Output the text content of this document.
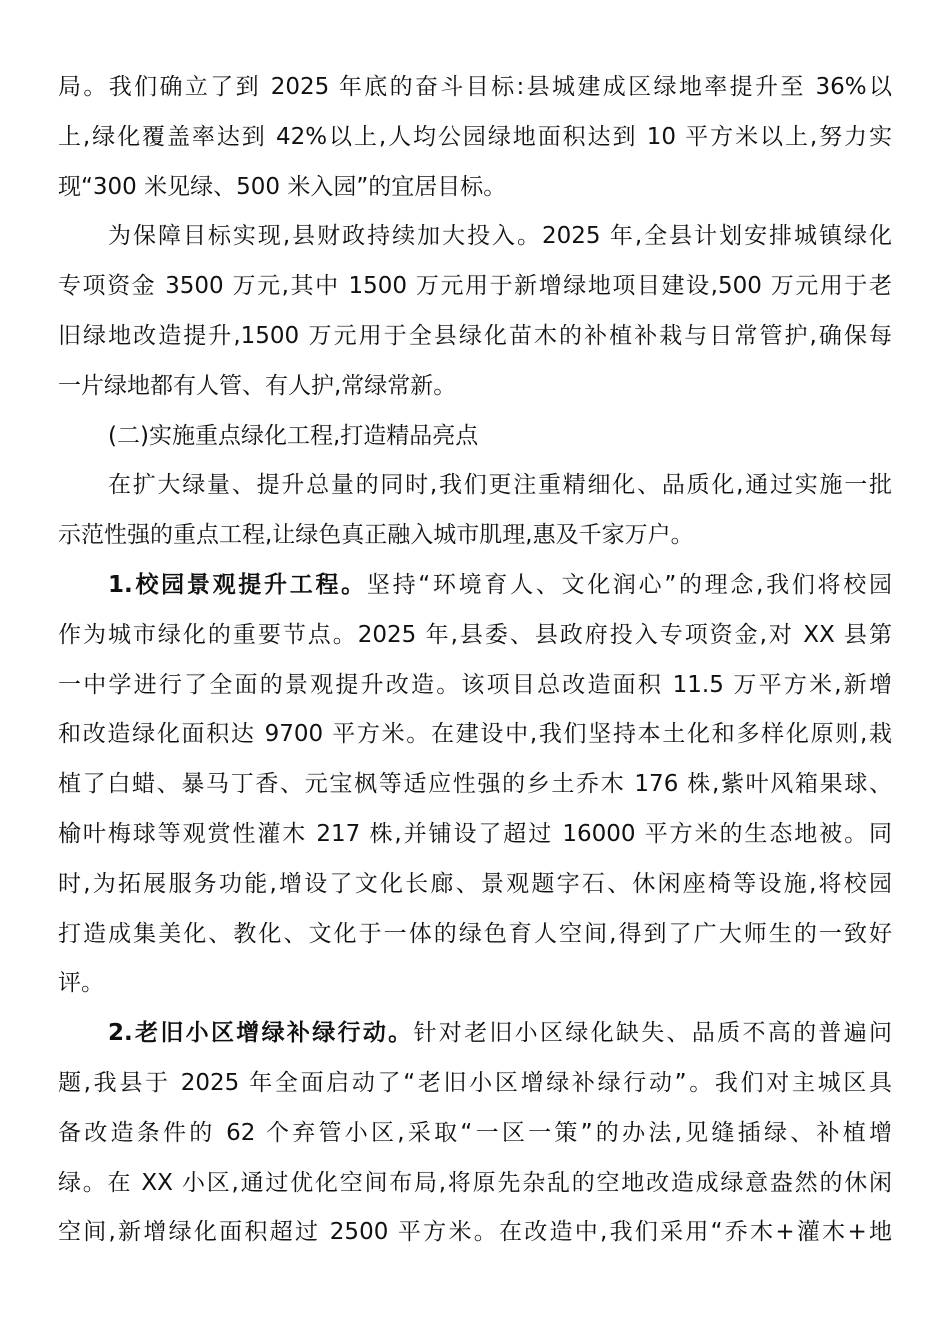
局。我们确立了到 2025 年底的奋斗目标:县城建成区绿地率提升至 36%以
上,绿化覆盖率达到 42%以上,人均公园绿地面积达到 10 平方米以上,努力实
现“300 米见绿、500 米入园”的宜居目标。
为保障目标实现,县财政持续加大投入。2025 年,全县计划安排城镇绿化
专项资金 3500 万元,其中 1500 万元用于新增绿地项目建设,500 万元用于老
旧绿地改造提升,1500 万元用于全县绿化苗木的补植补栽与日常管护,确保每
一片绿地都有人管、有人护,常绿常新。
(二)实施重点绿化工程,打造精品亮点
在扩大绿量、提升总量的同时,我们更注重精细化、品质化,通过实施一批
示范性强的重点工程,让绿色真正融入城市肌理,惠及千家万户。
1.校园景观提升工程。坚持“环境育人、文化润心”的理念,我们将校园
作为城市绿化的重要节点。2025 年,县委、县政府投入专项资金,对 XX 县第
一中学进行了全面的景观提升改造。该项目总改造面积 11.5 万平方米,新增
和改造绿化面积达 9700 平方米。在建设中,我们坚持本土化和多样化原则,栽
植了白蜡、暴马丁香、元宝枫等适应性强的乡土乔木 176 株,紫叶风箱果球、
榆叶梅球等观赏性灌木 217 株,并铺设了超过 16000 平方米的生态地被。同
时,为拓展服务功能,增设了文化长廊、景观题字石、休闲座椅等设施,将校园
打造成集美化、教化、文化于一体的绿色育人空间,得到了广大师生的一致好
评。
2.老旧小区增绿补绿行动。针对老旧小区绿化缺失、品质不高的普遍问
题,我县于 2025 年全面启动了“老旧小区增绿补绿行动”。我们对主城区具
备改造条件的 62 个弃管小区,采取“一区一策”的办法,见缝插绿、补植增
绿。在 XX 小区,通过优化空间布局,将原先杂乱的空地改造成绿意盎然的休闲
空间,新增绿化面积超过 2500 平方米。在改造中,我们采用“乔木+灌木+地
